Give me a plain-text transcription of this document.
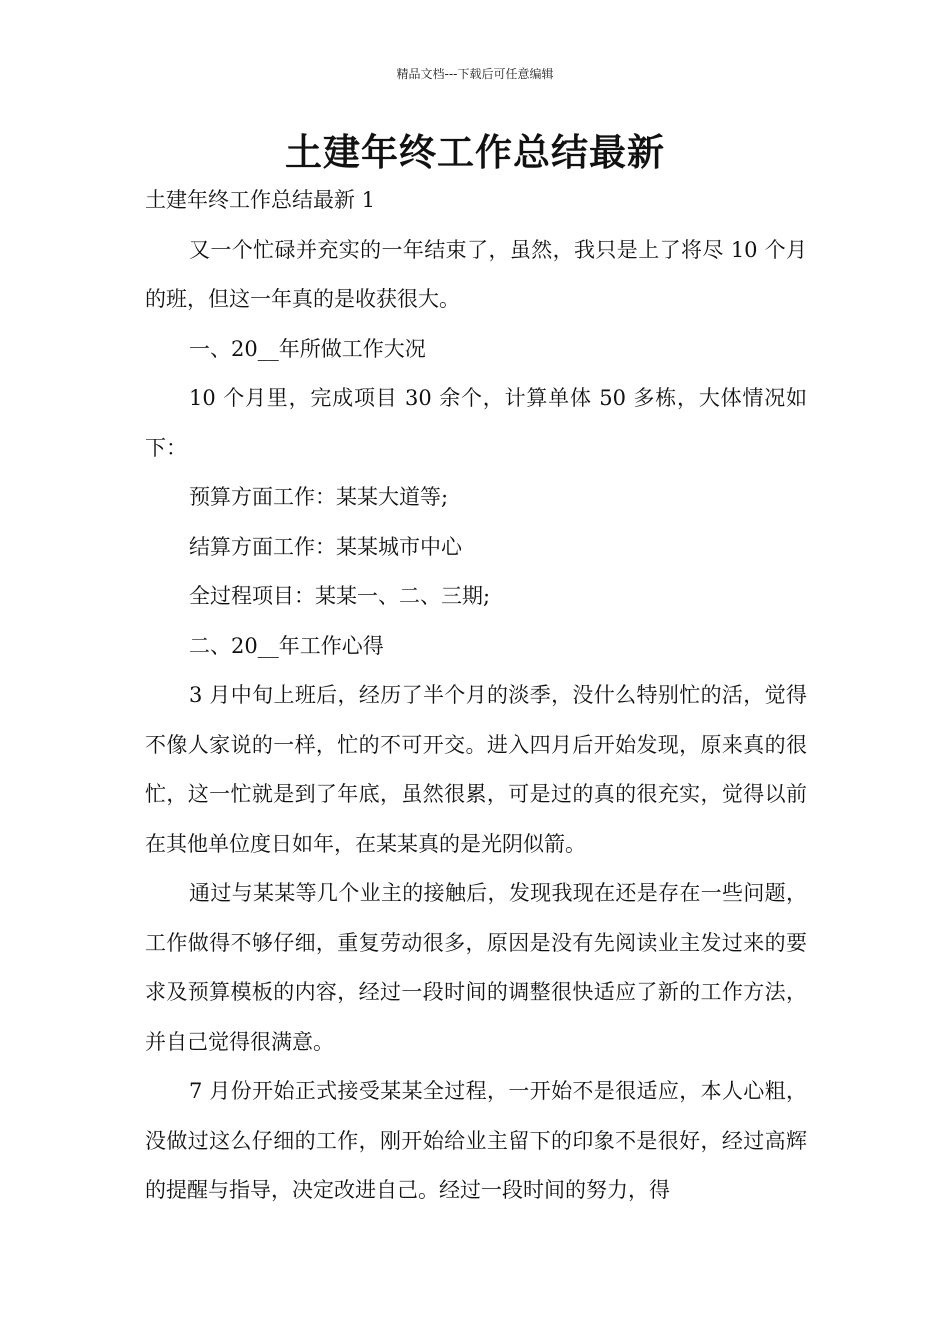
精品文档---下载后可任意编辑
土建年终工作总结最新

土建年终工作总结最新 1

又一个忙碌并充实的一年结束了，虽然，我只是上了将尽 10 个月的班，但这一年真的是收获很大。

一、20__年所做工作大况

10 个月里，完成项目 30 余个，计算单体 50 多栋，大体情况如下：

预算方面工作：某某大道等;

结算方面工作：某某城市中心

全过程项目：某某一、二、三期;

二、20__年工作心得

3 月中旬上班后，经历了半个月的淡季，没什么特别忙的活，觉得不像人家说的一样，忙的不可开交。进入四月后开始发现，原来真的很忙，这一忙就是到了年底，虽然很累，可是过的真的很充实，觉得以前在其他单位度日如年，在某某真的是光阴似箭。

通过与某某等几个业主的接触后，发现我现在还是存在一些问题，工作做得不够仔细，重复劳动很多，原因是没有先阅读业主发过来的要求及预算模板的内容，经过一段时间的调整很快适应了新的工作方法，并自己觉得很满意。

7 月份开始正式接受某某全过程，一开始不是很适应，本人心粗，没做过这么仔细的工作，刚开始给业主留下的印象不是很好，经过高辉的提醒与指导，决定改进自己。经过一段时间的努力，得
